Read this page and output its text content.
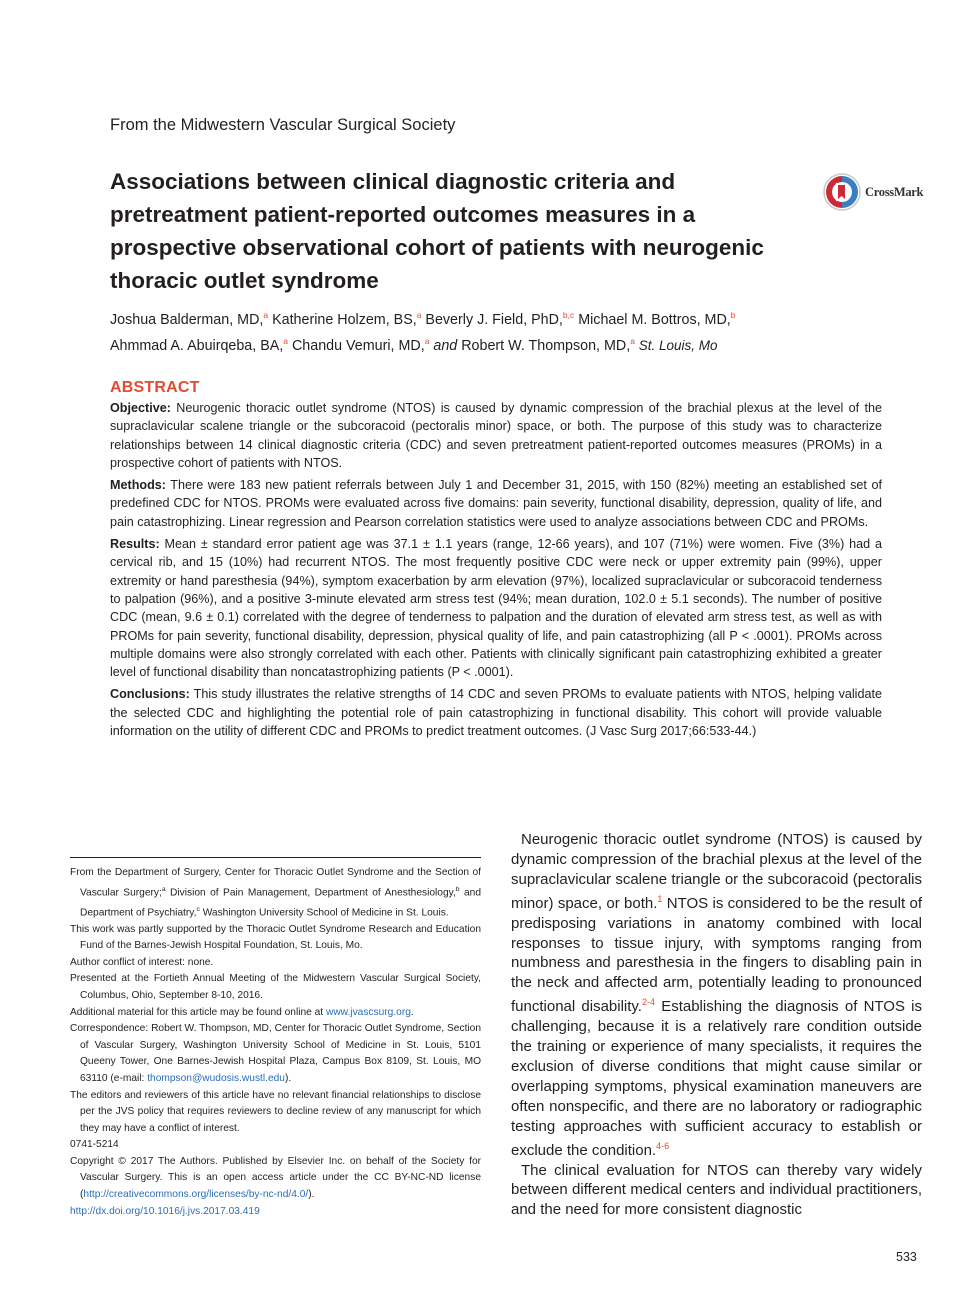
From the Midwestern Vascular Surgical Society
Associations between clinical diagnostic criteria and pretreatment patient-reported outcomes measures in a prospective observational cohort of patients with neurogenic thoracic outlet syndrome
CrossMark
Joshua Balderman, MD,$^a$ Katherine Holzem, BS,$^a$ Beverly J. Field, PhD,$^{b,c}$ Michael M. Bottros, MD,$^b$
Ahmmad A. Abuirqeba, BA,$^a$ Chandu Vemuri, MD,$^a$ and Robert W. Thompson, MD,$^a$ St. Louis, Mo
ABSTRACT

Objective: Neurogenic thoracic outlet syndrome (NTOS) is caused by dynamic compression of the brachial plexus at the level of the supraclavicular scalene triangle or the subcoracoid (pectoralis minor) space, or both. The purpose of this study was to characterize relationships between 14 clinical diagnostic criteria (CDC) and seven pretreatment patient-reported outcomes measures (PROMs) in a prospective cohort of patients with NTOS.

Methods: There were 183 new patient referrals between July 1 and December 31, 2015, with 150 (82%) meeting an established set of predefined CDC for NTOS. PROMs were evaluated across five domains: pain severity, functional disability, depression, quality of life, and pain catastrophizing. Linear regression and Pearson correlation statistics were used to analyze associations between CDC and PROMs.

Results: Mean ± standard error patient age was 37.1 ± 1.1 years (range, 12-66 years), and 107 (71%) were women. Five (3%) had a cervical rib, and 15 (10%) had recurrent NTOS. The most frequently positive CDC were neck or upper extremity pain (99%), upper extremity or hand paresthesia (94%), symptom exacerbation by arm elevation (97%), localized supraclavicular or subcoracoid tenderness to palpation (96%), and a positive 3-minute elevated arm stress test (94%; mean duration, 102.0 ± 5.1 seconds). The number of positive CDC (mean, 9.6 ± 0.1) correlated with the degree of tenderness to palpation and the duration of elevated arm stress test, as well as with PROMs for pain severity, functional disability, depression, physical quality of life, and pain catastrophizing (all P < .0001). PROMs across multiple domains were also strongly correlated with each other. Patients with clinically significant pain catastrophizing exhibited a greater level of functional disability than noncatastrophizing patients (P < .0001).

Conclusions: This study illustrates the relative strengths of 14 CDC and seven PROMs to evaluate patients with NTOS, helping validate the selected CDC and highlighting the potential role of pain catastrophizing in functional disability. This cohort will provide valuable information on the utility of different CDC and PROMs to predict treatment outcomes. (J Vasc Surg 2017;66:533-44.)

From the Department of Surgery, Center for Thoracic Outlet Syndrome and the Section of Vascular Surgery;$^a$ Division of Pain Management, Department of Anesthesiology,$^b$ and Department of Psychiatry,$^c$ Washington University School of Medicine in St. Louis.

This work was partly supported by the Thoracic Outlet Syndrome Research and Education Fund of the Barnes-Jewish Hospital Foundation, St. Louis, Mo.

Author conflict of interest: none.

Presented at the Fortieth Annual Meeting of the Midwestern Vascular Surgical Society, Columbus, Ohio, September 8-10, 2016.

Additional material for this article may be found online at www.jvascsurg.org.

Correspondence: Robert W. Thompson, MD, Center for Thoracic Outlet Syndrome, Section of Vascular Surgery, Washington University School of Medicine in St. Louis, 5101 Queeny Tower, One Barnes-Jewish Hospital Plaza, Campus Box 8109, St. Louis, MO 63110 (e-mail: thompson@wudosis.wustl.edu).

The editors and reviewers of this article have no relevant financial relationships to disclose per the JVS policy that requires reviewers to decline review of any manuscript for which they may have a conflict of interest.

0741-5214

Copyright © 2017 The Authors. Published by Elsevier Inc. on behalf of the Society for Vascular Surgery. This is an open access article under the CC BY-NC-ND license (http://creativecommons.org/licenses/by-nc-nd/4.0/).

http://dx.doi.org/10.1016/j.jvs.2017.03.419

Neurogenic thoracic outlet syndrome (NTOS) is caused by dynamic compression of the brachial plexus at the level of the supraclavicular scalene triangle or the subcoracoid (pectoralis minor) space, or both.$^1$ NTOS is considered to be the result of predisposing variations in anatomy combined with local responses to tissue injury, with symptoms ranging from numbness and paresthesia in the fingers to disabling pain in the neck and affected arm, potentially leading to pronounced functional disability.$^{2-4}$ Establishing the diagnosis of NTOS is challenging, because it is a relatively rare condition outside the training or experience of many specialists, it requires the exclusion of diverse conditions that might cause similar or overlapping symptoms, physical examination maneuvers are often nonspecific, and there are no laboratory or radiographic testing approaches with sufficient accuracy to establish or exclude the condition.$^{4-6}$

The clinical evaluation for NTOS can thereby vary widely between different medical centers and individual practitioners, and the need for more consistent diagnostic

533
